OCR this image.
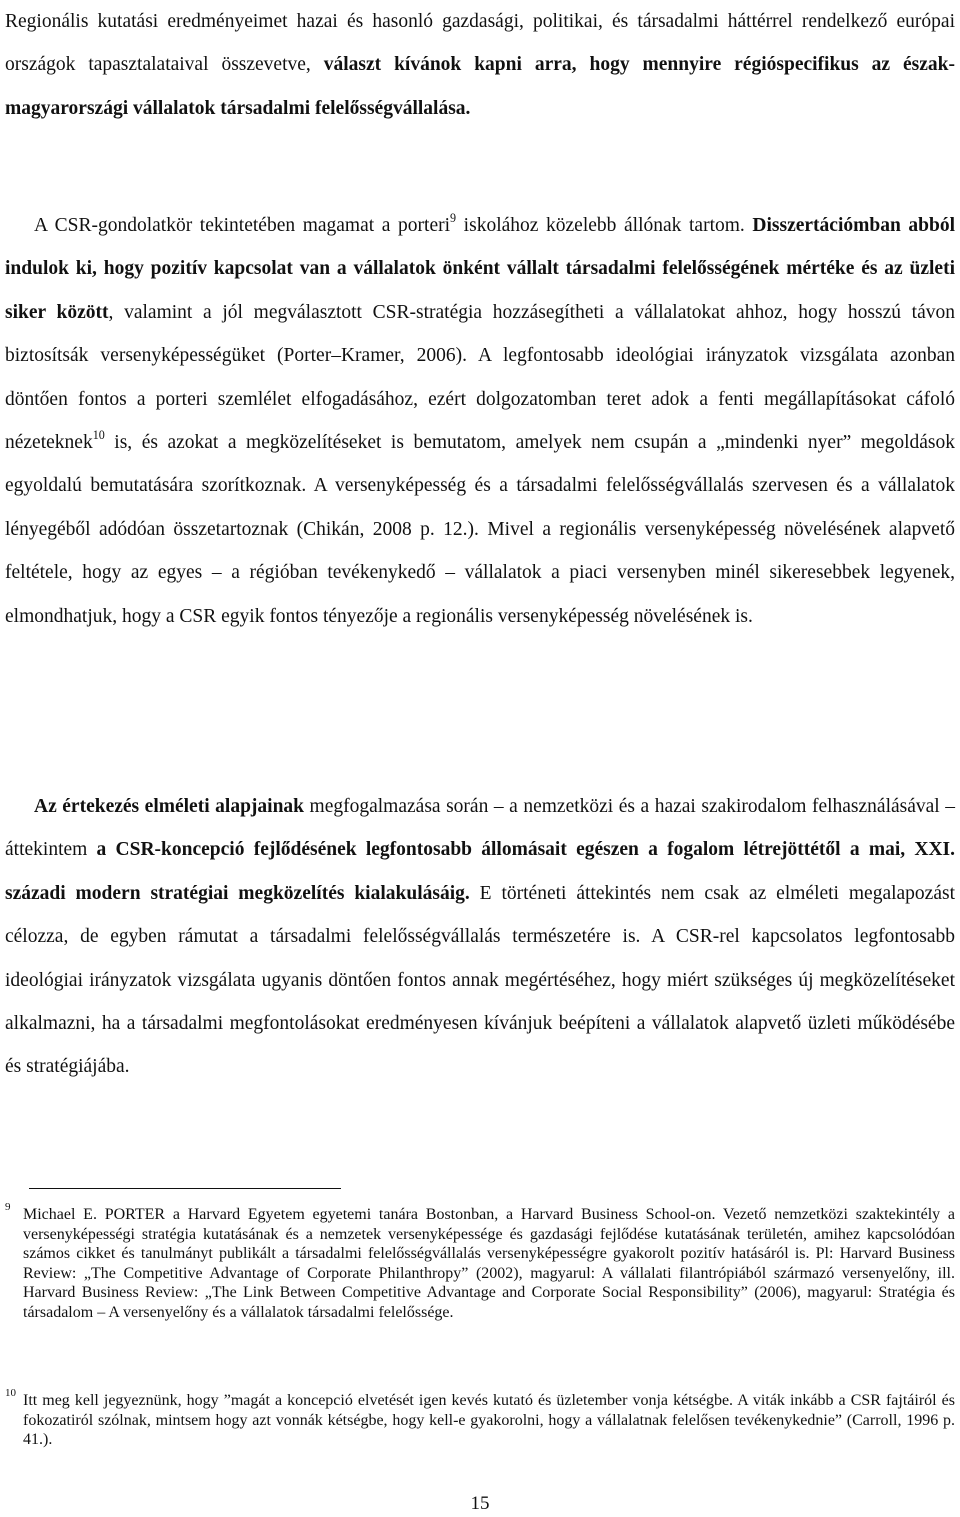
Regionális kutatási eredményeimet hazai és hasonló gazdasági, politikai, és társadalmi háttérrel rendelkező európai országok tapasztalataival összevetve, választ kívánok kapni arra, hogy mennyire régióspecifikus az észak-magyarországi vállalatok társadalmi felelősségvállalása.

A CSR-gondolatkör tekintetében magamat a porteri$^9$ iskolához közelebb állónak tartom. Disszertációmban abból indulok ki, hogy pozitív kapcsolat van a vállalatok önként vállalt társadalmi felelősségének mértéke és az üzleti siker között, valamint a jól megválasztott CSR-stratégia hozzásegítheti a vállalatokat ahhoz, hogy hosszú távon biztosítsák versenyképességüket (Porter–Kramer, 2006). A legfontosabb ideológiai irányzatok vizsgálata azonban döntően fontos a porteri szemlélet elfogadásához, ezért dolgozatomban teret adok a fenti megállapításokat cáfoló nézeteknek$^{10}$ is, és azokat a megközelítéseket is bemutatom, amelyek nem csupán a „mindenki nyer” megoldások egyoldalú bemutatására szorítkoznak. A versenyképesség és a társadalmi felelősségvállalás szervesen és a vállalatok lényegéből adódóan összetartoznak (Chikán, 2008 p. 12.). Mivel a regionális versenyképesség növelésének alapvető feltétele, hogy az egyes – a régióban tevékenykedő – vállalatok a piaci versenyben minél sikeresebbek legyenek, elmondhatjuk, hogy a CSR egyik fontos tényezője a regionális versenyképesség növelésének is.

Az értekezés elméleti alapjainak megfogalmazása során – a nemzetközi és a hazai szakirodalom felhasználásával – áttekintem a CSR-koncepció fejlődésének legfontosabb állomásait egészen a fogalom létrejöttétől a mai, XXI. századi modern stratégiai megközelítés kialakulásáig. E történeti áttekintés nem csak az elméleti megalapozást célozza, de egyben rámutat a társadalmi felelősségvállalás természetére is. A CSR-rel kapcsolatos legfontosabb ideológiai irányzatok vizsgálata ugyanis döntően fontos annak megértéséhez, hogy miért szükséges új megközelítéseket alkalmazni, ha a társadalmi megfontolásokat eredményesen kívánjuk beépíteni a vállalatok alapvető üzleti működésébe és stratégiájába.

9 Michael E. PORTER a Harvard Egyetem egyetemi tanára Bostonban, a Harvard Business School-on. Vezető nemzetközi szaktekintély a versenyképességi stratégia kutatásának és a nemzetek versenyképessége és gazdasági fejlődése kutatásának területén, amihez kapcsolódóan számos cikket és tanulmányt publikált a társadalmi felelősségvállalás versenyképességre gyakorolt pozitív hatásáról is. Pl: Harvard Business Review: „The Competitive Advantage of Corporate Philanthropy” (2002), magyarul: A vállalati filantrópiából származó versenyelőny, ill. Harvard Business Review: „The Link Between Competitive Advantage and Corporate Social Responsibility” (2006), magyarul: Stratégia és társadalom – A versenyelőny és a vállalatok társadalmi felelőssége.

10 Itt meg kell jegyeznünk, hogy ”magát a koncepció elvetését igen kevés kutató és üzletember vonja kétségbe. A viták inkább a CSR fajtáiról és fokozatiról szólnak, mintsem hogy azt vonnák kétségbe, hogy kell-e gyakorolni, hogy a vállalatnak felelősen tevékenykednie” (Carroll, 1996 p. 41.).

15
